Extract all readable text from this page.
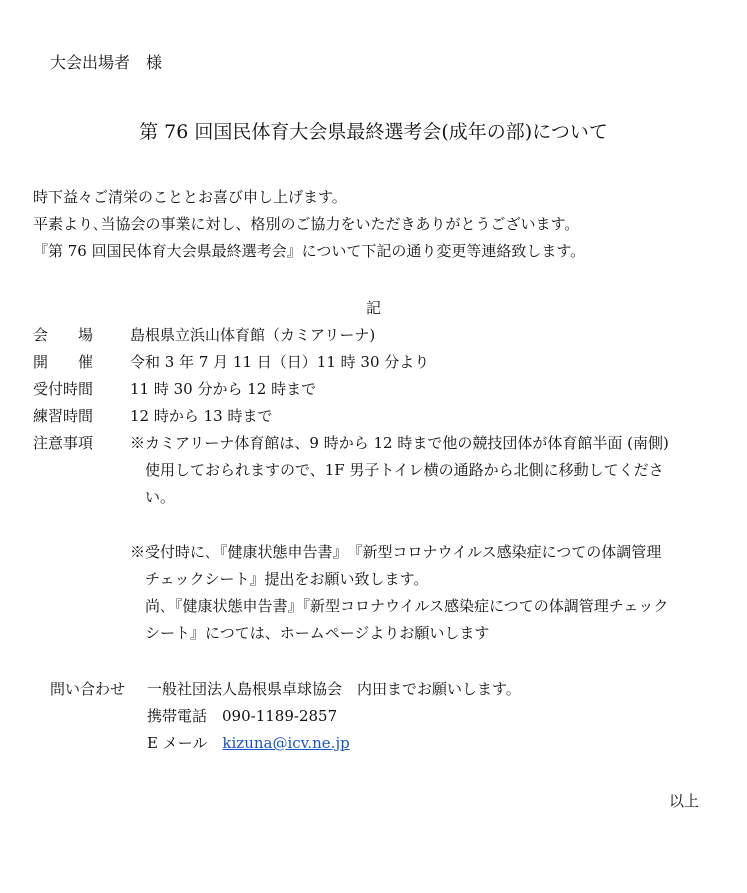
大会出場者　様
第 76 回国民体育大会県最終選考会(成年の部)について
時下益々ご清栄のこととお喜び申し上げます。
平素より､当協会の事業に対し、格別のご協力をいただきありがとうございます。
『第 76 回国民体育大会県最終選考会』について下記の通り変更等連絡致します。
記
会　　場 島根県立浜山体育館（カミアリーナ)
開　　催 令和 3 年 7 月 11 日（日）11 時 30 分より
受付時間 11 時 30 分から 12 時まで
練習時間 12 時から 13 時まで
注意事項 ※カミアリーナ体育館は、9 時から 12 時まで他の競技団体が体育館半面 (南側)
使用しておられますので、1F 男子トイレ横の通路から北側に移動してくださ
い。
※受付時に､『健康状態申告書』　『新型コロナウイルス感染症につての体調管理
チェックシート』提出をお願い致します。
尚､『健康状態申告書』『新型コロナウイルス感染症につての体調管理チェック
シート』につては、ホームページよりお願いします
問い合わせ 一般社団法人島根県卓球協会　内田までお願いします。
携帯電話　090-1189-2857
E メール　kizuna@icv.ne.jp
以上
